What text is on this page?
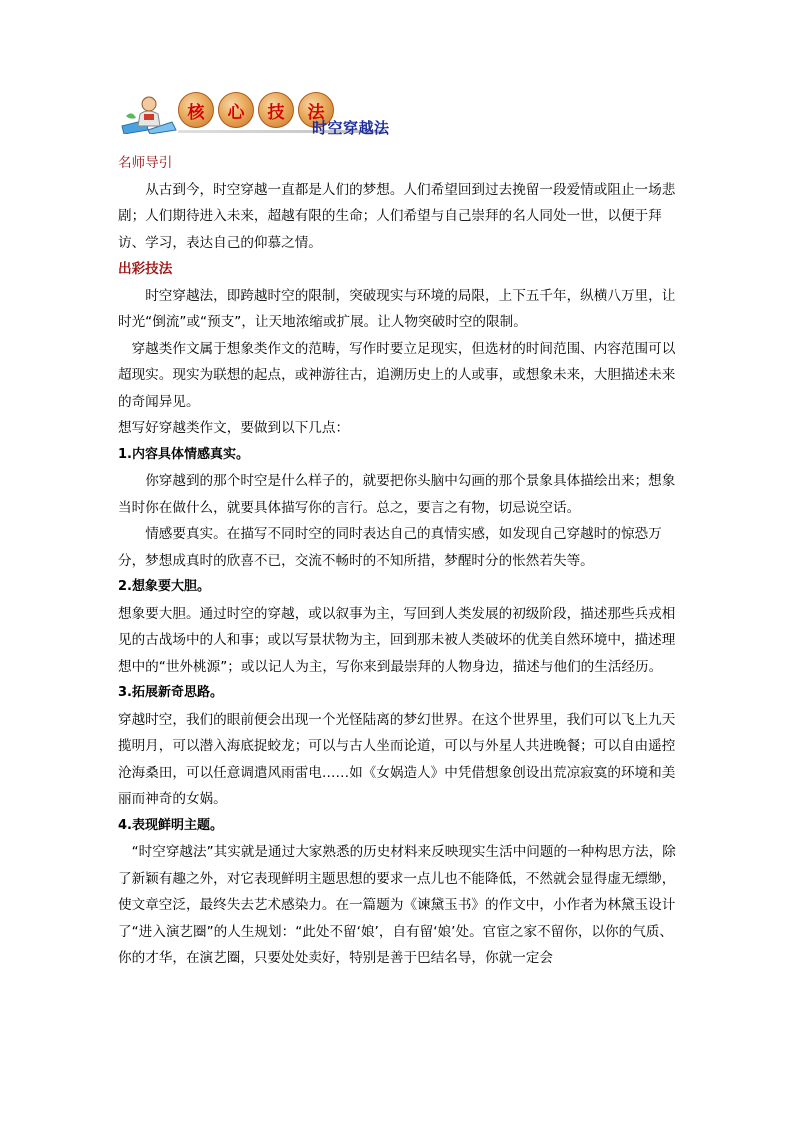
核	心	技	法
时空穿越法

名师导引

从古到今，时空穿越一直都是人们的梦想。人们希望回到过去挽留一段爱情或阻止一场悲剧；人们期待进入未来，超越有限的生命；人们希望与自己崇拜的名人同处一世，以便于拜访、学习，表达自己的仰慕之情。

出彩技法

时空穿越法，即跨越时空的限制，突破现实与环境的局限，上下五千年，纵横八万里，让时光“倒流”或“预支”，让天地浓缩或扩展。让人物突破时空的限制。

穿越类作文属于想象类作文的范畴，写作时要立足现实，但选材的时间范围、内容范围可以超现实。现实为联想的起点，或神游往古，追溯历史上的人或事，或想象未来，大胆描述未来的奇闻异见。

想写好穿越类作文，要做到以下几点：

1.内容具体情感真实。

你穿越到的那个时空是什么样子的，就要把你头脑中勾画的那个景象具体描绘出来；想象当时你在做什么，就要具体描写你的言行。总之，要言之有物，切忌说空话。

情感要真实。在描写不同时空的同时表达自己的真情实感，如发现自己穿越时的惊恐万分，梦想成真时的欣喜不已，交流不畅时的不知所措，梦醒时分的怅然若失等。

2.想象要大胆。

想象要大胆。通过时空的穿越，或以叙事为主，写回到人类发展的初级阶段，描述那些兵戎相见的古战场中的人和事；或以写景状物为主，回到那未被人类破坏的优美自然环境中，描述理想中的“世外桃源”；或以记人为主，写你来到最崇拜的人物身边，描述与他们的生活经历。

3.拓展新奇思路。

穿越时空，我们的眼前便会出现一个光怪陆离的梦幻世界。在这个世界里，我们可以飞上九天揽明月，可以潜入海底捉蛟龙；可以与古人坐而论道，可以与外星人共进晚餐；可以自由遥控沧海桑田，可以任意调遣风雨雷电……如《女娲造人》中凭借想象创设出荒凉寂寞的环境和美丽而神奇的女娲。

4.表现鲜明主题。

“时空穿越法”其实就是通过大家熟悉的历史材料来反映现实生活中问题的一种构思方法，除了新颖有趣之外，对它表现鲜明主题思想的要求一点儿也不能降低，不然就会显得虚无缥缈，使文章空泛，最终失去艺术感染力。在一篇题为《谏黛玉书》的作文中，小作者为林黛玉设计了“进入演艺圈”的人生规划：“此处不留‘娘’，自有留‘娘’处。官宦之家不留你，以你的气质、你的才华，在演艺圈，只要处处卖好，特别是善于巴结名导，你就一定会
